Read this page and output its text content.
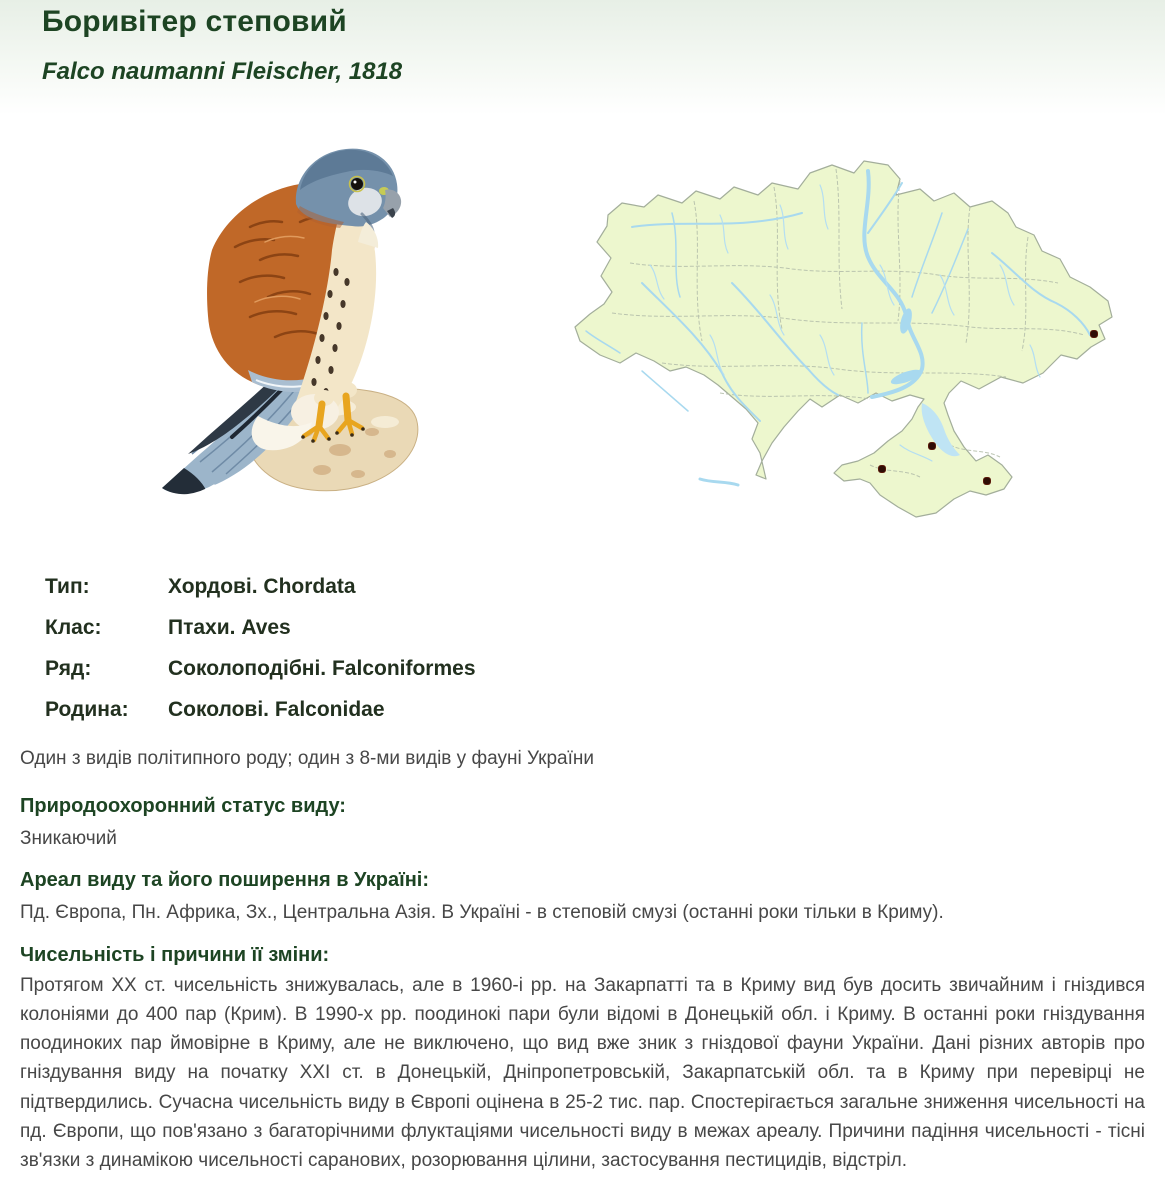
Боривітер степовий
Falco naumanni Fleischer, 1818
Тип:	Хордові. Chordata
Клас:	Птахи. Aves
Ряд:	Соколоподібні. Falconiformes
Родина:	Соколові. Falconidae

Один з видів політипного роду; один з 8-ми видів у фауні України

Природоохоронний статус виду:
Зникаючий
Ареал виду та його поширення в Україні:
Пд. Європа, Пн. Африка, Зх., Центральна Азія. В Україні - в степовій смузі (останні роки тільки в Криму).
Чисельність і причини її зміни:
Протягом XX ст. чисельність знижувалась, але в 1960-і рр. на Закарпатті та в Криму вид був досить звичайним і гніздився колоніями до 400 пар (Крим). В 1990-х рр. поодинокі пари були відомі в Донецькій обл. і Криму. В останні роки гніздування поодиноких пар ймовірне в Криму, але не виключено, що вид вже зник з гніздової фауни України. Дані різних авторів про гніздування виду на початку XXI ст. в Донецькій, Дніпропетровській, Закарпатській обл. та в Криму при перевірці не підтвердились. Сучасна чисельність виду в Європі оцінена в 25-2 тис. пар. Спостерігається загальне зниження чисельності на пд. Європи, що пов'язано з багаторічними флуктаціями чисельності виду в межах ареалу. Причини падіння чисельності - тісні зв'язки з динамікою чисельності саранових, розорювання цілини, застосування пестицидів, відстріл.
